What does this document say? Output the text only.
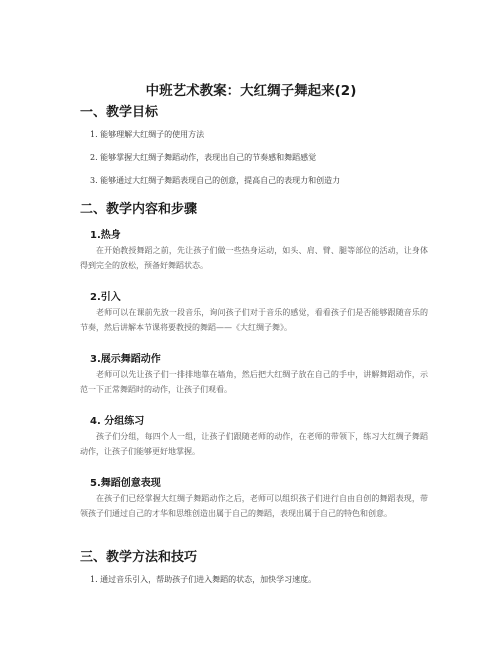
中班艺术教案：大红绸子舞起来(2)
一、教学目标

1. 能够理解大红绸子的使用方法

2. 能够掌握大红绸子舞蹈动作，表现出自己的节奏感和舞蹈感觉

3. 能够通过大红绸子舞蹈表现自己的创意，提高自己的表现力和创造力

二、教学内容和步骤
1.热身

在开始教授舞蹈之前，先让孩子们做一些热身运动，如头、肩、臂、腿等部位的活动，让身体得到完全的放松，预备好舞蹈状态。

2.引入

老师可以在课前先放一段音乐，询问孩子们对于音乐的感觉，看看孩子们是否能够跟随音乐的节奏，然后讲解本节课将要教授的舞蹈——《大红绸子舞》。

3.展示舞蹈动作

老师可以先让孩子们一排排地靠在墙角，然后把大红绸子放在自己的手中，讲解舞蹈动作，示范一下正常舞蹈时的动作，让孩子们观看。

4. 分组练习

孩子们分组，每四个人一组，让孩子们跟随老师的动作，在老师的带领下，练习大红绸子舞蹈动作，让孩子们能够更好地掌握。

5.舞蹈创意表现

在孩子们已经掌握大红绸子舞蹈动作之后，老师可以组织孩子们进行自由自创的舞蹈表现，带领孩子们通过自己的才华和思维创造出属于自己的舞蹈，表现出属于自己的特色和创意。

三、教学方法和技巧

1. 通过音乐引入，帮助孩子们进入舞蹈的状态，加快学习速度。
